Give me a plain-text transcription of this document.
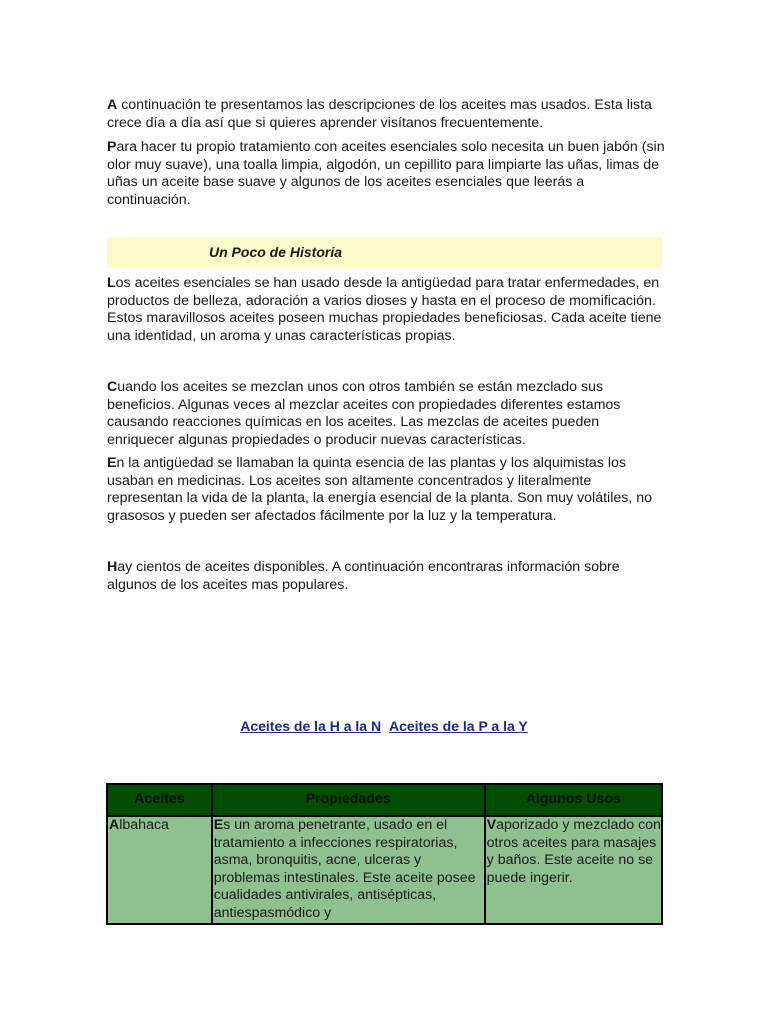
A continuación te presentamos las descripciones de los aceites mas usados. Esta lista crece día a día así que si quieres aprender visítanos frecuentemente.

Para hacer tu propio tratamiento con aceites esenciales solo necesita un buen jabón (sin olor muy suave), una toalla limpia, algodón, un cepillito para limpiarte las uñas, limas de uñas un aceite base suave y algunos de los aceites esenciales que leerás a continuación.

Un Poco de Historia

Los aceites esenciales se han usado desde la antigüedad para tratar enfermedades, en productos de belleza, adoración a varios dioses y hasta en el proceso de momificación. Estos maravillosos aceites poseen muchas propiedades beneficiosas. Cada aceite tiene una identidad, un aroma y unas características propias.

Cuando los aceites se mezclan unos con otros también se están mezclado sus beneficios. Algunas veces al mezclar aceites con propiedades diferentes estamos causando reacciones químicas en los aceites. Las mezclas de aceites pueden enriquecer algunas propiedades o producir nuevas características.

En la antigüedad se llamaban la quinta esencia de las plantas y los alquimistas los usaban en medicinas. Los aceites son altamente concentrados y literalmente representan la vida de la planta, la energía esencial de la planta. Son muy volátiles, no grasosos y pueden ser afectados fácilmente por la luz y la temperatura.

Hay cientos de aceites disponibles. A continuación encontraras información sobre algunos de los aceites mas populares.

Aceites de la H a la N Aceites de la P a la Y
Aceites	Propiedades	Algunos Usos

Albahaca	Es un aroma penetrante, usado en el tratamiento a infecciones respiratorias, asma, bronquitis, acne, ulceras y problemas intestinales. Este aceite posee cualidades antivirales, antisépticas, antiespasmódico y	Vaporizado y mezclado con otros aceites para masajes y baños. Este aceite no se puede ingerir.
